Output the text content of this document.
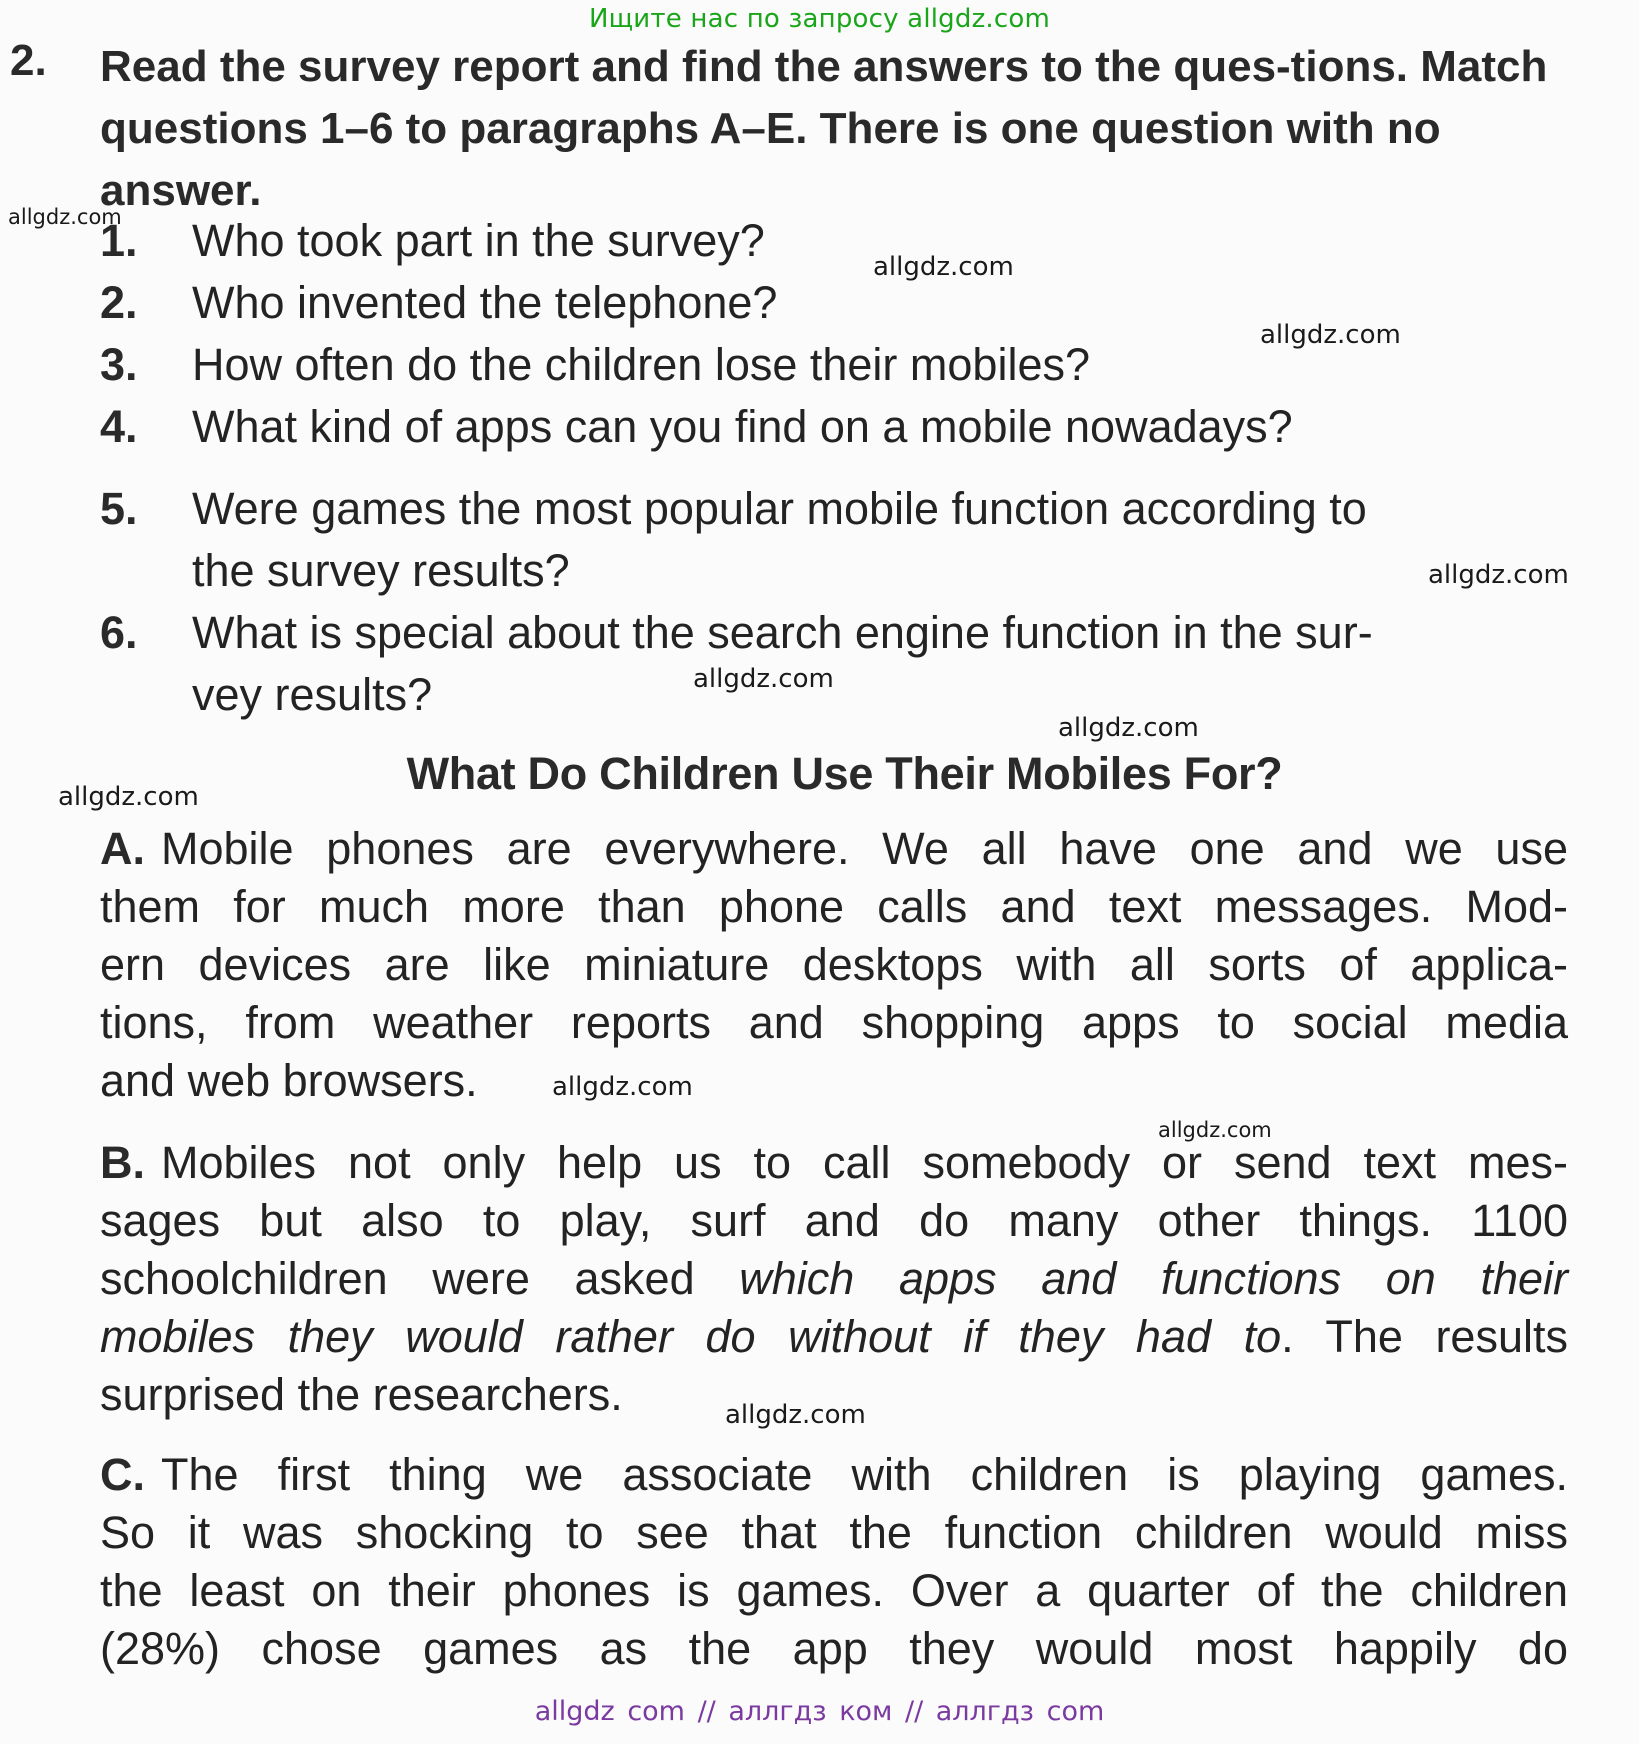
Ищите нас по запросу allgdz.com
allgdz com // аллгдз ком // аллгдз com
2. Read the survey report and find the answers to the ques-tions. Match questions 1–6 to paragraphs A–E. There is one question with no answer.

1. Who took part in the survey?
2. Who invented the telephone?
3. How often do the children lose their mobiles?
4. What kind of apps can you find on a mobile nowadays?
5. Were games the most popular mobile function according to
the survey results?
6. What is special about the search engine function in the sur-
vey results?
What Do Children Use Their Mobiles For?
A. Mobile phones are everywhere. We all have one and we use
them for much more than phone calls and text messages. Mod-
ern devices are like miniature desktops with all sorts of applica-
tions, from weather reports and shopping apps to social media
and web browsers.
B. Mobiles not only help us to call somebody or send text mes-
sages but also to play, surf and do many other things. 1100
schoolchildren were asked which apps and functions on their
mobiles they would rather do without if they had to. The results
surprised the researchers.
C. The first thing we associate with children is playing games.
So it was shocking to see that the function children would miss
the least on their phones is games. Over a quarter of the children
(28%) chose games as the app they would most happily do
allgdz.com
allgdz.com
allgdz.com
allgdz.com
allgdz.com
allgdz.com
allgdz.com
allgdz.com
allgdz.com
allgdz.com
